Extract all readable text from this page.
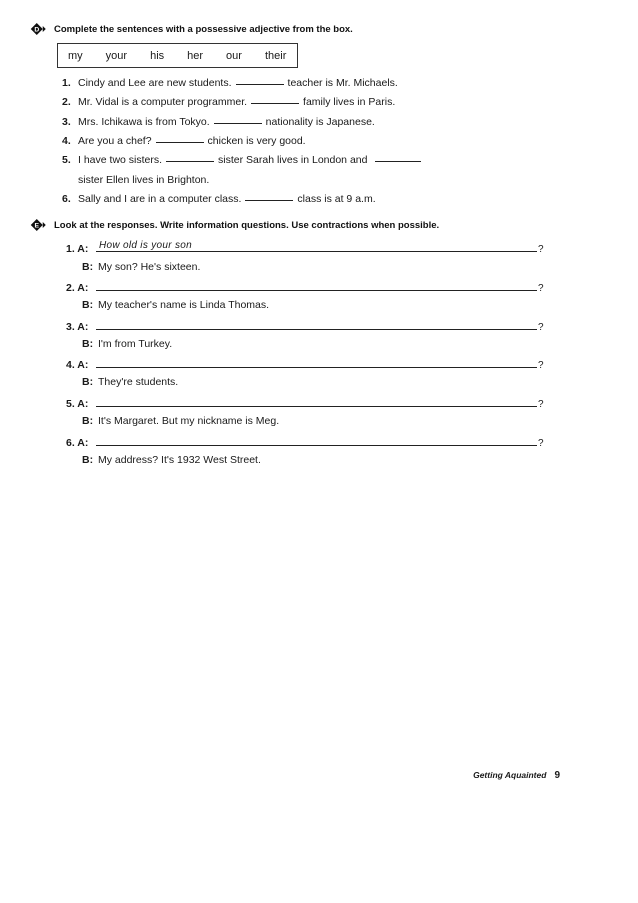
D Complete the sentences with a possessive adjective from the box.
my your his her our their
1. Cindy and Lee are new students.	teacher is Mr. Michaels.
2. Mr. Vidal is a computer programmer.	family lives in Paris.
3. Mrs. Ichikawa is from Tokyo.	nationality is Japanese.
4. Are you a chef?	chicken is very good.
5. I have two sisters.	sister Sarah lives in London and
sister Ellen lives in Brighton.
6. Sally and I are in a computer class.	class is at 9 a.m.
E Look at the responses. Write information questions. Use contractions when possible.
1. A:	How old is your son	?
B: My son? He's sixteen.
2. A:	?
B: My teacher's name is Linda Thomas.
3. A:	?
B: I'm from Turkey.
4. A:	?
B: They're students.
5. A:	?
B: It's Margaret. But my nickname is Meg.
6. A:	?
B: My address? It's 1932 West Street.
Getting Aquainted 9
